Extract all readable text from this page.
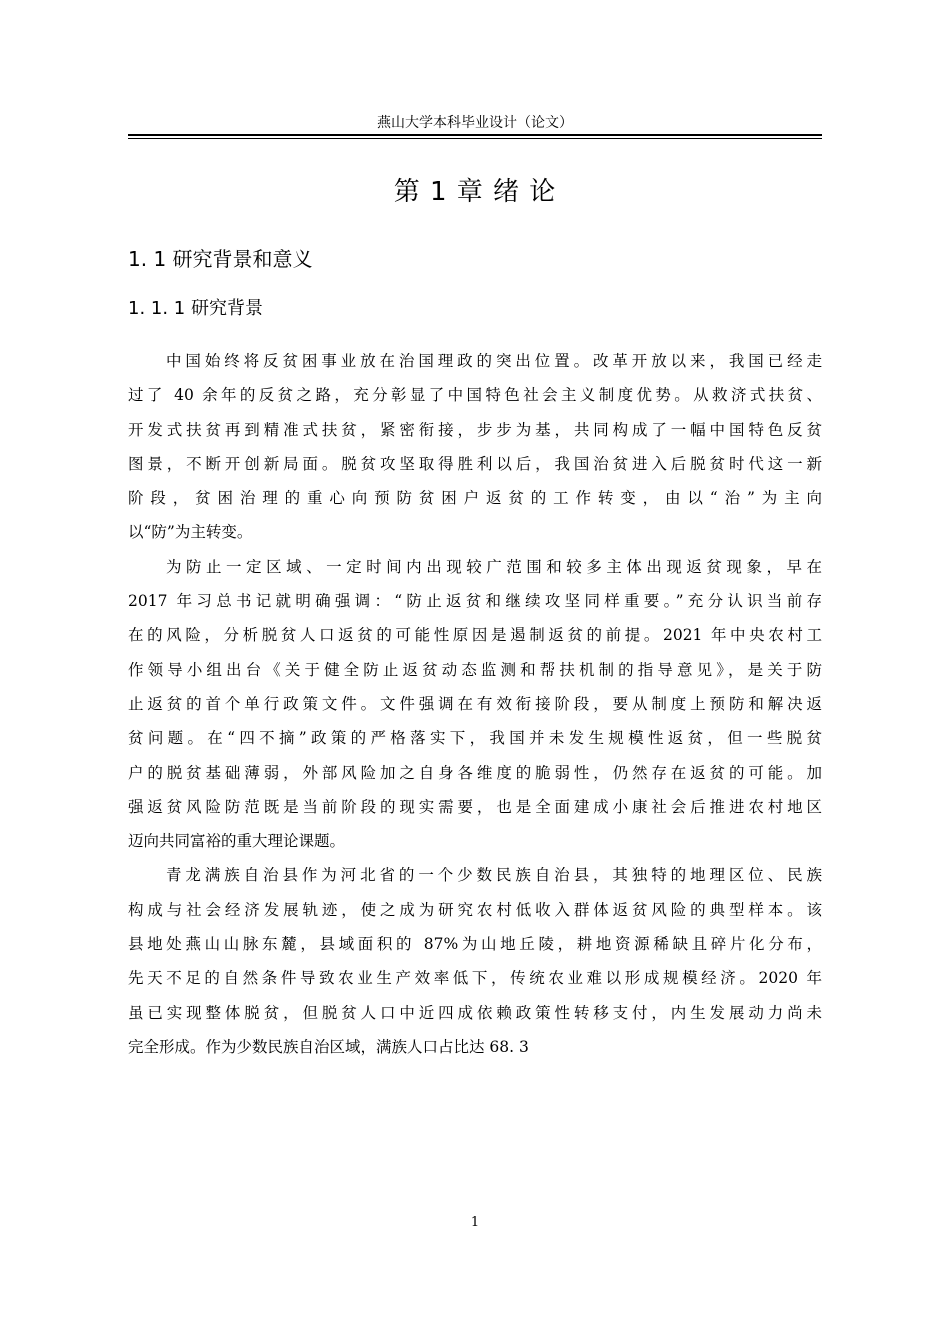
燕山大学本科毕业设计（论文）
第 1 章 绪 论
1. 1 研究背景和意义
1. 1. 1 研究背景
中国始终将反贫困事业放在治国理政的突出位置。改革开放以来，我国已经走
过了 40 余年的反贫之路，充分彰显了中国特色社会主义制度优势。从救济式扶贫、
开发式扶贫再到精准式扶贫，紧密衔接，步步为基，共同构成了一幅中国特色反贫
图景，不断开创新局面。脱贫攻坚取得胜利以后，我国治贫进入后脱贫时代这一新
阶段，贫困治理的重心向预防贫困户返贫的工作转变，由以“治”为主向
以“防”为主转变。
为防止一定区域、一定时间内出现较广范围和较多主体出现返贫现象，早在
2017 年习总书记就明确强调：“防止返贫和继续攻坚同样重要。”充分认识当前存
在的风险，分析脱贫人口返贫的可能性原因是遏制返贫的前提。2021 年中央农村工
作领导小组出台《关于健全防止返贫动态监测和帮扶机制的指导意见》，是关于防
止返贫的首个单行政策文件。文件强调在有效衔接阶段，要从制度上预防和解决返
贫问题。在“四不摘”政策的严格落实下，我国并未发生规模性返贫，但一些脱贫
户的脱贫基础薄弱，外部风险加之自身各维度的脆弱性，仍然存在返贫的可能。加
强返贫风险防范既是当前阶段的现实需要，也是全面建成小康社会后推进农村地区
迈向共同富裕的重大理论课题。
青龙满族自治县作为河北省的一个少数民族自治县，其独特的地理区位、民族
构成与社会经济发展轨迹，使之成为研究农村低收入群体返贫风险的典型样本。该
县地处燕山山脉东麓，县域面积的 87%为山地丘陵，耕地资源稀缺且碎片化分布，
先天不足的自然条件导致农业生产效率低下，传统农业难以形成规模经济。2020 年
虽已实现整体脱贫，但脱贫人口中近四成依赖政策性转移支付，内生发展动力尚未
完全形成。作为少数民族自治区域，满族人口占比达 68. 3
1
